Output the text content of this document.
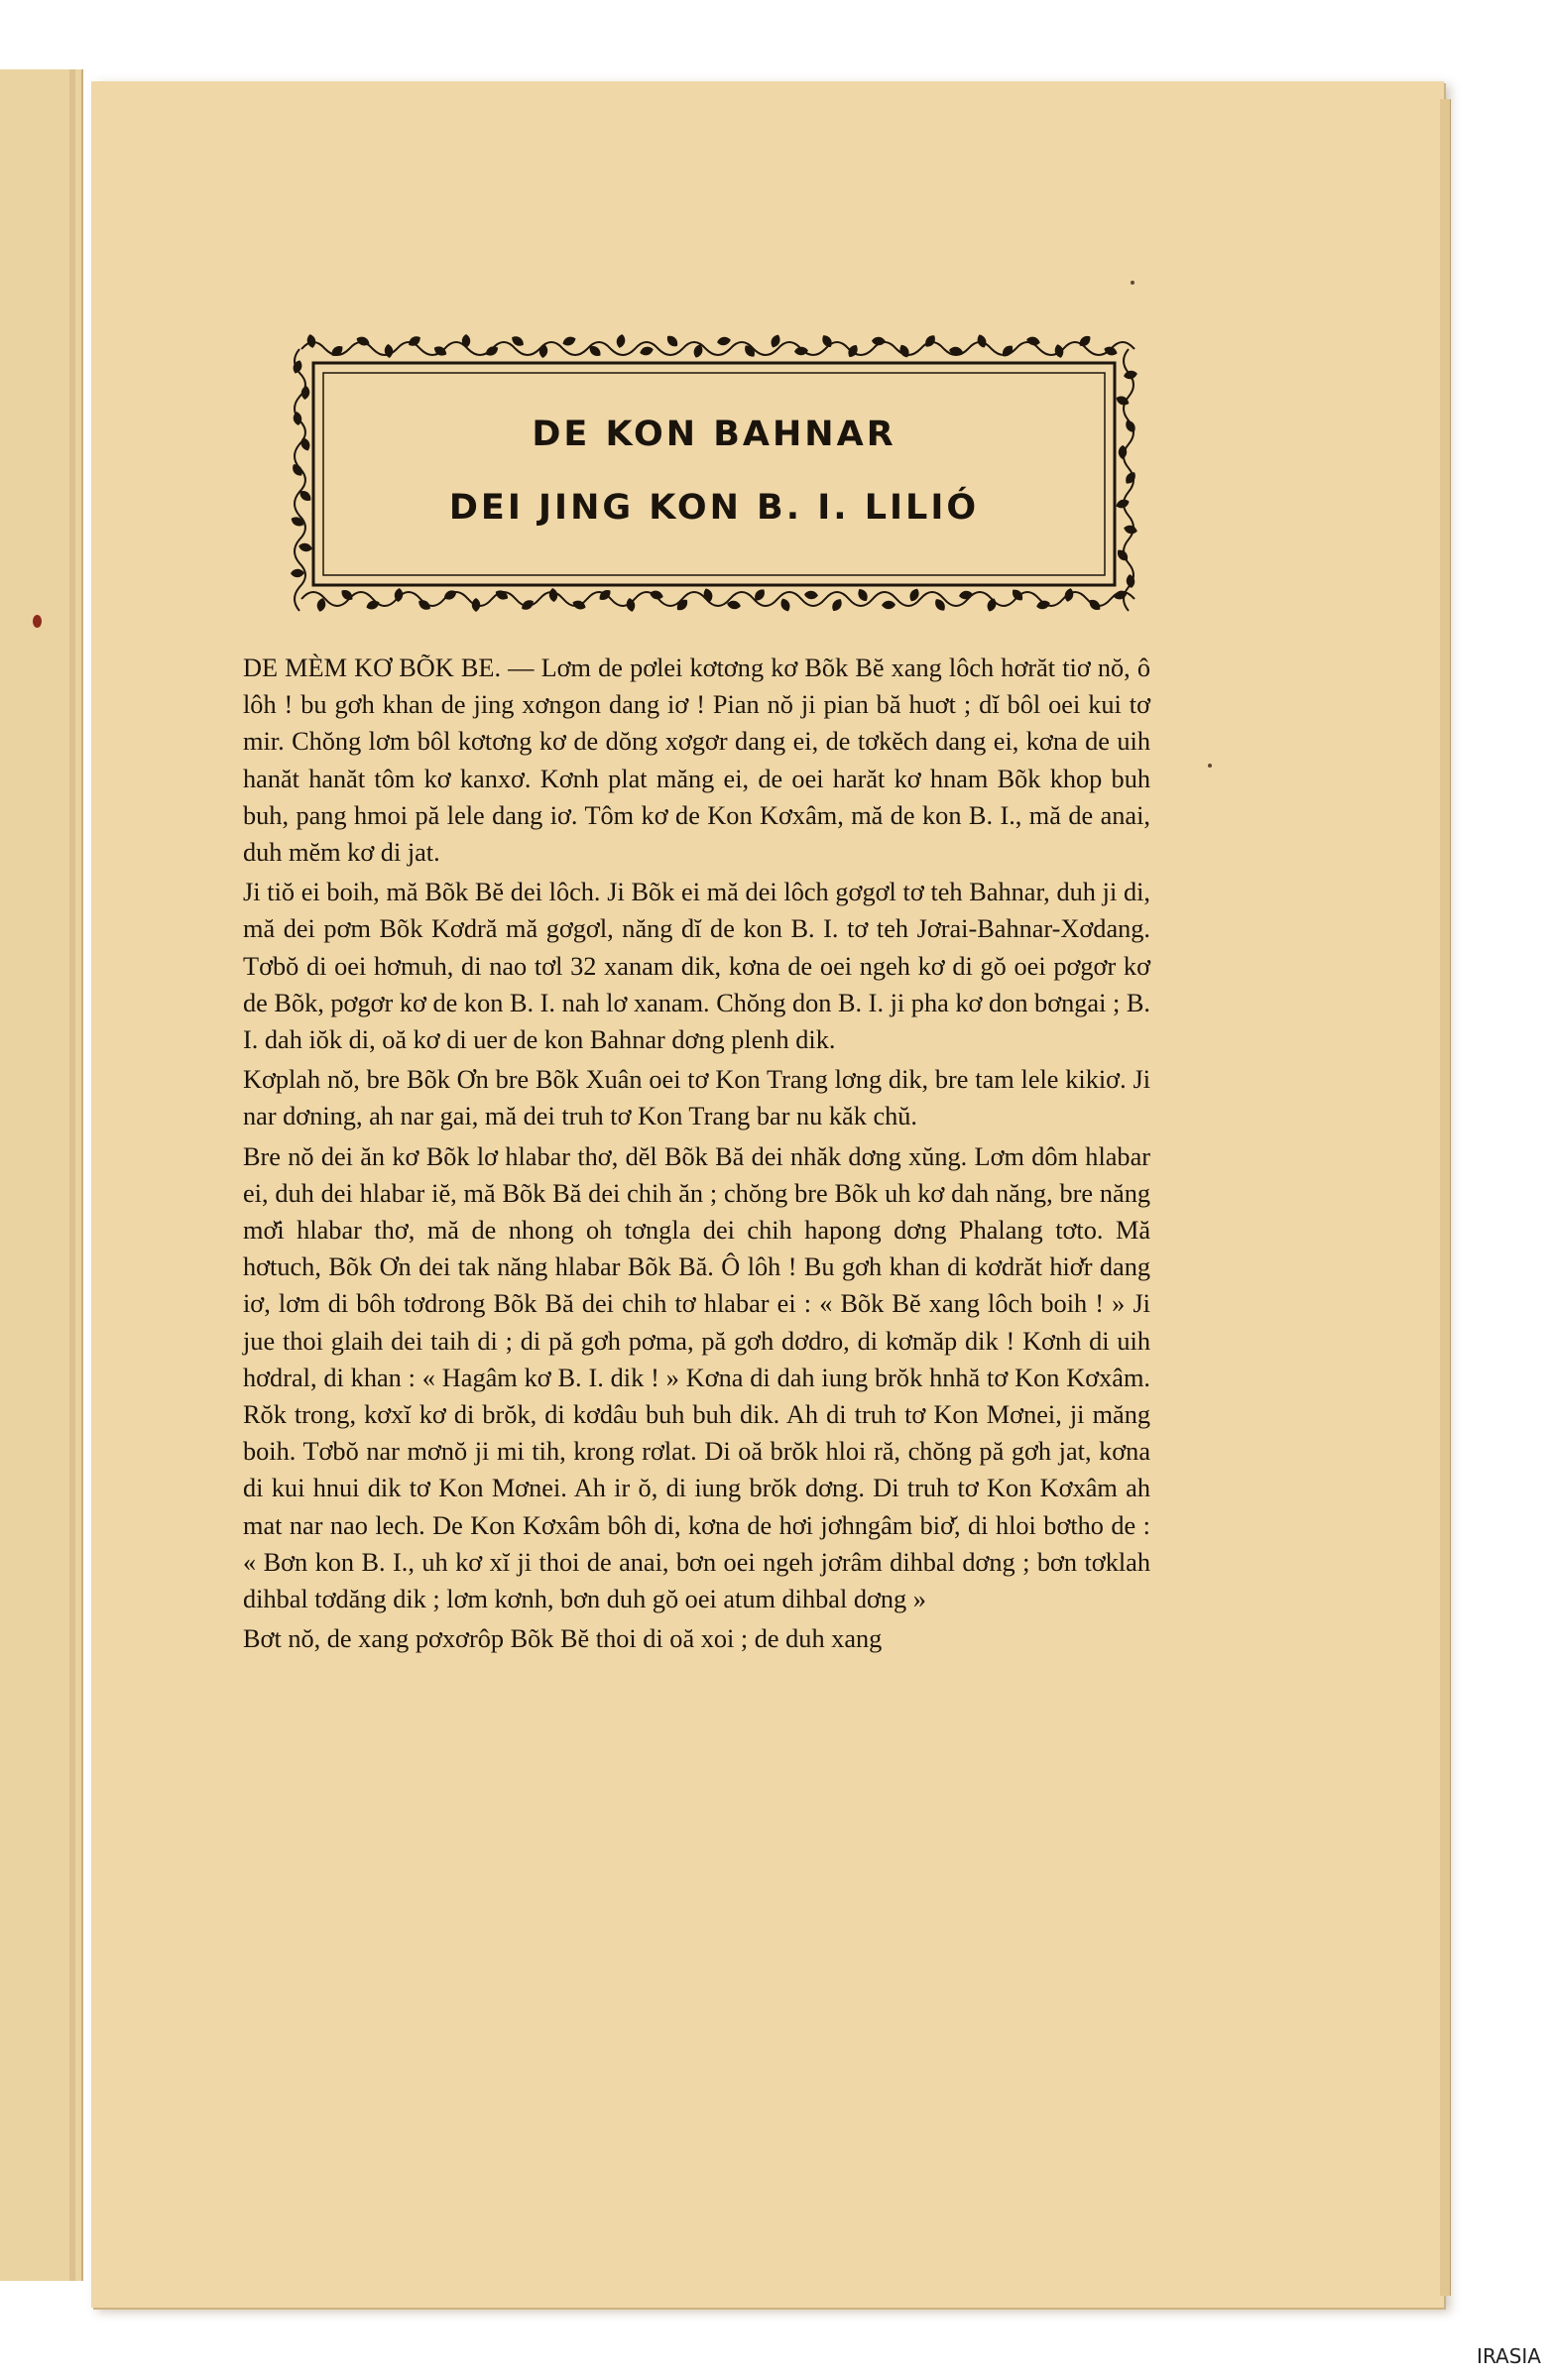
DE KON BAHNAR
DEI JING KON B. I. LILIÓ

DE MÈM KƠ BÕK BE. — Lơm de pơlei kơtơng kơ Bõk Bĕ xang lôch hơrăt tiơ nŏ, ô lôh ! bu gơh khan de jing xơngon dang iơ ! Pian nŏ ji pian bă huơt ; dĭ bôl oei kui tơ mir. Chŏng lơm bôl kơtơng kơ de dŏng xơgơr dang ei, de tơkĕch dang ei, kơna de uih hanăt hanăt tôm kơ kanxơ. Kơnh plat măng ei, de oei harăt kơ hnam Bõk khop buh buh, pang hmoi pă lele dang iơ. Tôm kơ de Kon Kơxâm, mă de kon B. I., mă de anai, duh mĕm kơ di jat.

Ji tiŏ ei boih, mă Bõk Bĕ dei lôch. Ji Bõk ei mă dei lôch gơgơl tơ teh Bahnar, duh ji di, mă dei pơm Bõk Kơdră mă gơgơl, năng dĭ de kon B. I. tơ teh Jơrai-Bahnar-Xơdang. Tơbŏ di oei hơmuh, di nao tơl 32 xanam dik, kơna de oei ngeh kơ di gŏ oei pơgơr kơ de Bõk, pơgơr kơ de kon B. I. nah lơ xanam. Chŏng don B. I. ji pha kơ don bơngai ; B. I. dah iŏk di, oă kơ di uer de kon Bahnar dơng plenh dik.

Kơplah nŏ, bre Bõk Ơn bre Bõk Xuân oei tơ Kon Trang lơng dik, bre tam lele kikiơ. Ji nar dơning, ah nar gai, mă dei truh tơ Kon Trang bar nu kăk chŭ.

Bre nŏ dei ăn kơ Bõk lơ hlabar thơ, dĕl Bõk Bă dei nhăk dơng xŭng. Lơm dôm hlabar ei, duh dei hlabar iĕ, mă Bõk Bă dei chih ăn ; chŏng bre Bõk uh kơ dah năng, bre năng mơ̆i hlabar thơ, mă de nhong oh tơngla dei chih hapong dơng Phalang tơto. Mă hơtuch, Bõk Ơn dei tak năng hlabar Bõk Bă. Ô lôh ! Bu gơh khan di kơdrăt hiơ̆r dang iơ, lơm di bôh tơdrong Bõk Bă dei chih tơ hlabar ei : « Bõk Bĕ xang lôch boih ! » Ji jue thoi glaih dei taih di ; di pă gơh pơma, pă gơh dơdro, di kơmăp dik ! Kơnh di uih hơdral, di khan : « Hagâm kơ B. I. dik ! » Kơna di dah iung brŏk hnhă tơ Kon Kơxâm. Rŏk trong, kơxĭ kơ di brŏk, di kơdâu buh buh dik. Ah di truh tơ Kon Mơnei, ji măng boih. Tơbŏ nar mơnŏ ji mi tih, krong rơlat. Di oă brŏk hloi ră, chŏng pă gơh jat, kơna di kui hnui dik tơ Kon Mơnei. Ah ir ŏ, di iung brŏk dơng. Di truh tơ Kon Kơxâm ah mat nar nao lech. De Kon Kơxâm bôh di, kơna de hơi jơhngâm biơ̆, di hloi bơtho de : « Bơn kon B. I., uh kơ xĭ ji thoi de anai, bơn oei ngeh jơrâm dihbal dơng ; bơn tơklah dihbal tơdăng dik ; lơm kơnh, bơn duh gŏ oei atum dihbal dơng »

Bơt nŏ, de xang pơxơrôp Bõk Bĕ thoi di oă xoi ; de duh xang

IRASIA
